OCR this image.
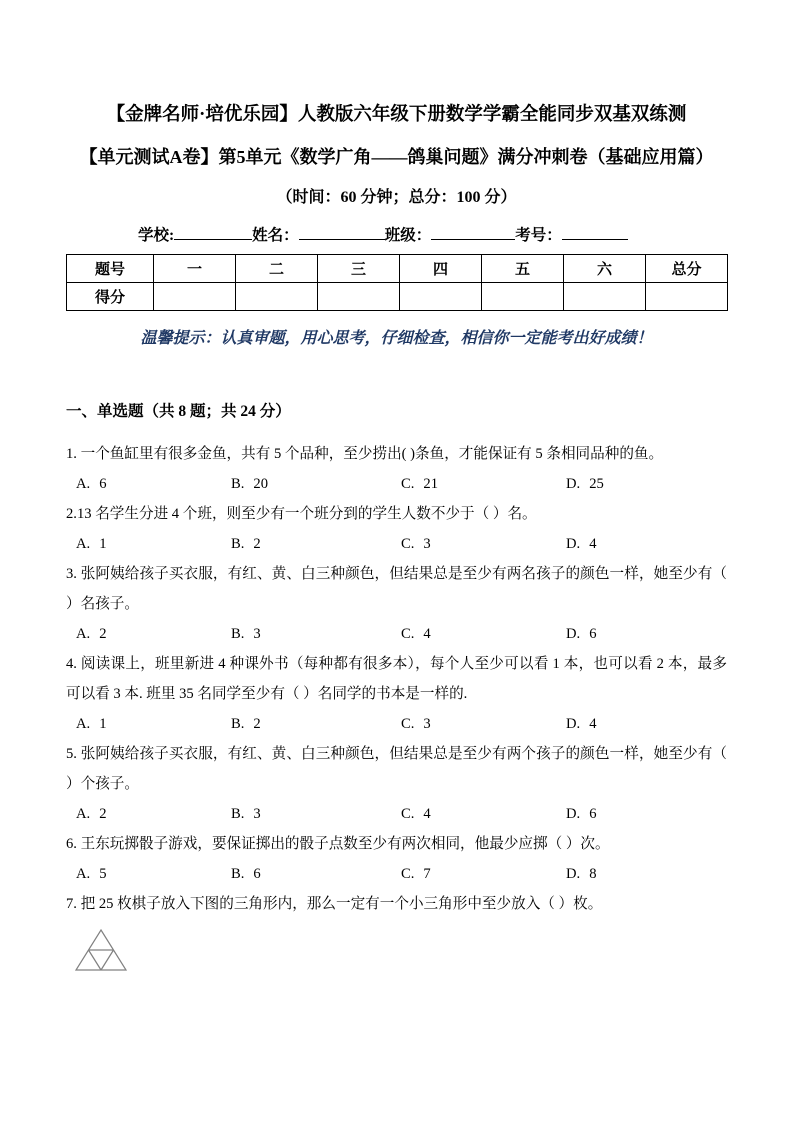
【金牌名师·培优乐园】人教版六年级下册数学学霸全能同步双基双练测
【单元测试A卷】第5单元《数学广角——鸽巢问题》满分冲刺卷（基础应用篇）
（时间：60 分钟；总分：100 分）
学校:	姓名：	班级：	考号：
题号	一	二	三	四	五	六	总分
得分							
温馨提示：认真审题，用心思考，仔细检查，相信你一定能考出好成绩！
一、单选题（共 8 题；共 24 分）

1. 一个鱼缸里有很多金鱼，共有 5 个品种，至少捞出( )条鱼，才能保证有 5 条相同品种的鱼。

A. 6	B. 20	C. 21	D. 25

2.13 名学生分进 4 个班，则至少有一个班分到的学生人数不少于（ ）名。

A. 1	B. 2	C. 3	D. 4

3. 张阿姨给孩子买衣服，有红、黄、白三种颜色，但结果总是至少有两名孩子的颜色一样，她至少有（ ）名孩子。

A. 2	B. 3	C. 4	D. 6

4. 阅读课上，班里新进 4 种课外书（每种都有很多本），每个人至少可以看 1 本，也可以看 2 本，最多可以看 3 本. 班里 35 名同学至少有（ ）名同学的书本是一样的.

A. 1	B. 2	C. 3	D. 4

5. 张阿姨给孩子买衣服，有红、黄、白三种颜色，但结果总是至少有两个孩子的颜色一样，她至少有（ ）个孩子。

A. 2	B. 3	C. 4	D. 6

6. 王东玩掷骰子游戏，要保证掷出的骰子点数至少有两次相同，他最少应掷（ ）次。

A. 5	B. 6	C. 7	D. 8

7. 把 25 枚棋子放入下图的三角形内，那么一定有一个小三角形中至少放入（ ）枚。
